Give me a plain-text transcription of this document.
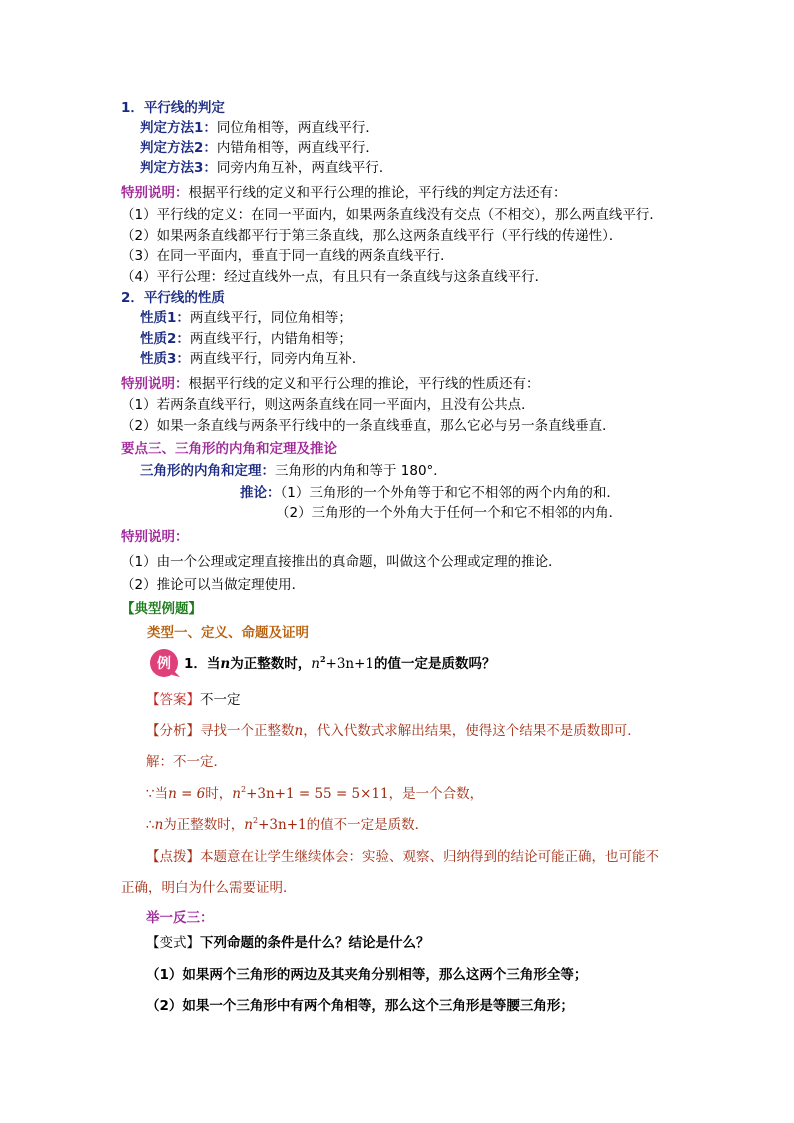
1．平行线的判定
判定方法1：同位角相等，两直线平行．
判定方法2：内错角相等，两直线平行．
判定方法3：同旁内角互补，两直线平行．
特别说明：根据平行线的定义和平行公理的推论，平行线的判定方法还有：
（1）平行线的定义：在同一平面内，如果两条直线没有交点（不相交），那么两直线平行．
（2）如果两条直线都平行于第三条直线，那么这两条直线平行（平行线的传递性）．
（3）在同一平面内，垂直于同一直线的两条直线平行．
（4）平行公理：经过直线外一点，有且只有一条直线与这条直线平行．
2．平行线的性质
性质1：两直线平行，同位角相等；
性质2：两直线平行，内错角相等；
性质3：两直线平行，同旁内角互补．
特别说明：根据平行线的定义和平行公理的推论，平行线的性质还有：
（1）若两条直线平行，则这两条直线在同一平面内，且没有公共点．
（2）如果一条直线与两条平行线中的一条直线垂直，那么它必与另一条直线垂直．
要点三、三角形的内角和定理及推论
三角形的内角和定理：三角形的内角和等于 180°．
推论：（1）三角形的一个外角等于和它不相邻的两个内角的和．
（2）三角形的一个外角大于任何一个和它不相邻的内角．
特别说明：
（1）由一个公理或定理直接推出的真命题，叫做这个公理或定理的推论．
（2）推论可以当做定理使用．
【典型例题】
类型一、定义、命题及证明
例 1．当n为正整数时，$n^2+3n+1$的值一定是质数吗？
【答案】不一定
【分析】寻找一个正整数n，代入代数式求解出结果，使得这个结果不是质数即可．
解：不一定．
∵当n = 6时，$n^2+3n+1 = 55 = 5\times 11$，是一个合数，
∴n为正整数时，$n^2+3n+1$的值不一定是质数．
【点拨】本题意在让学生继续体会：实验、观察、归纳得到的结论可能正确，也可能不
正确，明白为什么需要证明．
举一反三：
【变式】下列命题的条件是什么？结论是什么？
（1）如果两个三角形的两边及其夹角分别相等，那么这两个三角形全等；
（2）如果一个三角形中有两个角相等，那么这个三角形是等腰三角形；
